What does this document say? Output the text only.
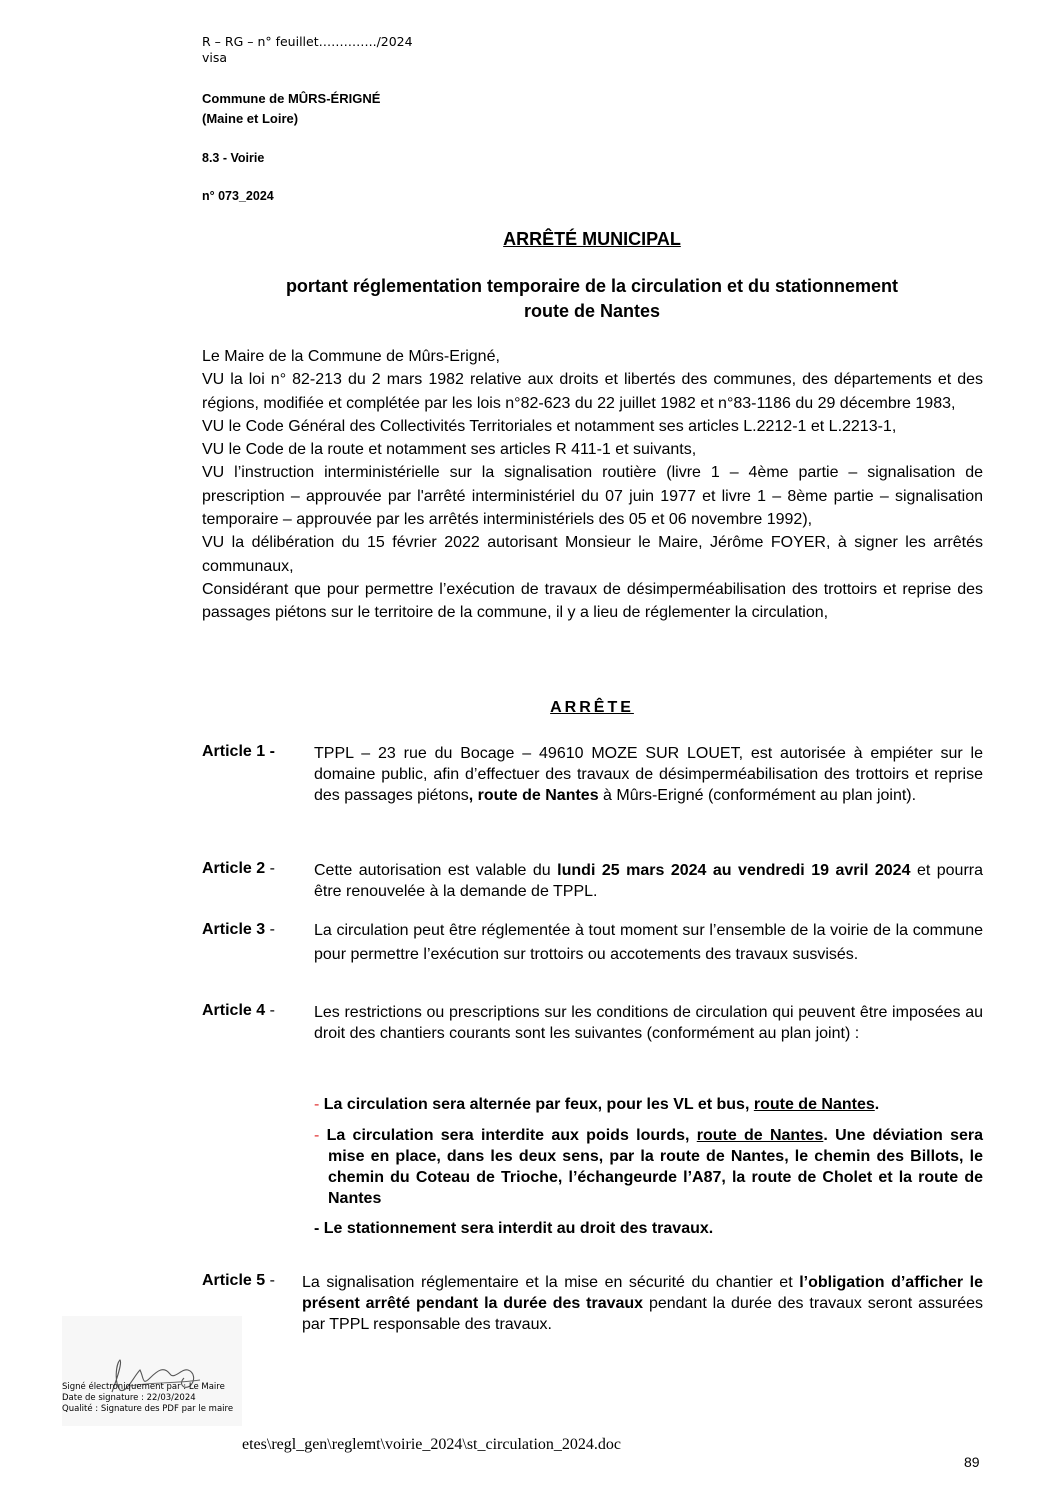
R – RG – n° feuillet…………../2024
visa
Commune de MÛRS-ÉRIGNÉ
(Maine et Loire)
8.3 - Voirie
n° 073_2024
ARRÊTÉ MUNICIPAL
portant réglementation temporaire de la circulation et du stationnement
route de Nantes

Le Maire de la Commune de Mûrs-Erigné,

VU la loi n° 82-213 du 2 mars 1982 relative aux droits et libertés des communes, des départements et des régions, modifiée et complétée par les lois n°82-623 du 22 juillet 1982 et n°83-1186 du 29 décembre 1983,

VU le Code Général des Collectivités Territoriales et notamment ses articles L.2212-1 et L.2213-1,

VU le Code de la route et notamment ses articles R 411-1 et suivants,

VU l’instruction interministérielle sur la signalisation routière (livre 1 – 4ème partie – signalisation de prescription – approuvée par l'arrêté interministériel du 07 juin 1977 et livre 1 – 8ème partie – signalisation temporaire – approuvée par les arrêtés interministériels des 05 et 06 novembre 1992),

VU la délibération du 15 février 2022 autorisant Monsieur le Maire, Jérôme FOYER, à signer les arrêtés communaux,

Considérant que pour permettre l’exécution de travaux de désimperméabilisation des trottoirs et reprise des passages piétons sur le territoire de la commune, il y a lieu de réglementer la circulation,

ARRÊTE
Article 1 - TPPL – 23 rue du Bocage – 49610 MOZE SUR LOUET, est autorisée à empiéter sur le domaine public, afin d’effectuer des travaux de désimperméabilisation des trottoirs et reprise des passages piétons, route de Nantes à Mûrs-Erigné (conformément au plan joint).
Article 2 - Cette autorisation est valable du lundi 25 mars 2024 au vendredi 19 avril 2024 et pourra être renouvelée à la demande de TPPL.
Article 3 - La circulation peut être réglementée à tout moment sur l’ensemble de la voirie de la commune pour permettre l’exécution sur trottoirs ou accotements des travaux susvisés.
Article 4 - Les restrictions ou prescriptions sur les conditions de circulation qui peuvent être imposées au droit des chantiers courants sont les suivantes (conformément au plan joint) :
- La circulation sera alternée par feux, pour les VL et bus, route de Nantes.
- La circulation sera interdite aux poids lourds, route de Nantes. Une déviation sera mise en place, dans les deux sens, par la route de Nantes, le chemin des Billots, le chemin du Coteau de Trioche, l’échangeurde l’A87, la route de Cholet et la route de Nantes
- Le stationnement sera interdit au droit des travaux.
Article 5 - La signalisation réglementaire et la mise en sécurité du chantier et l’obligation d’afficher le présent arrêté pendant la durée des travaux pendant la durée des travaux seront assurées par TPPL responsable des travaux.
Signé électroniquement par : Le Maire
Date de signature : 22/03/2024
Qualité : Signature des PDF par le maire
etes\regl_gen\reglemt\voirie_2024\st_circulation_2024.doc
89
